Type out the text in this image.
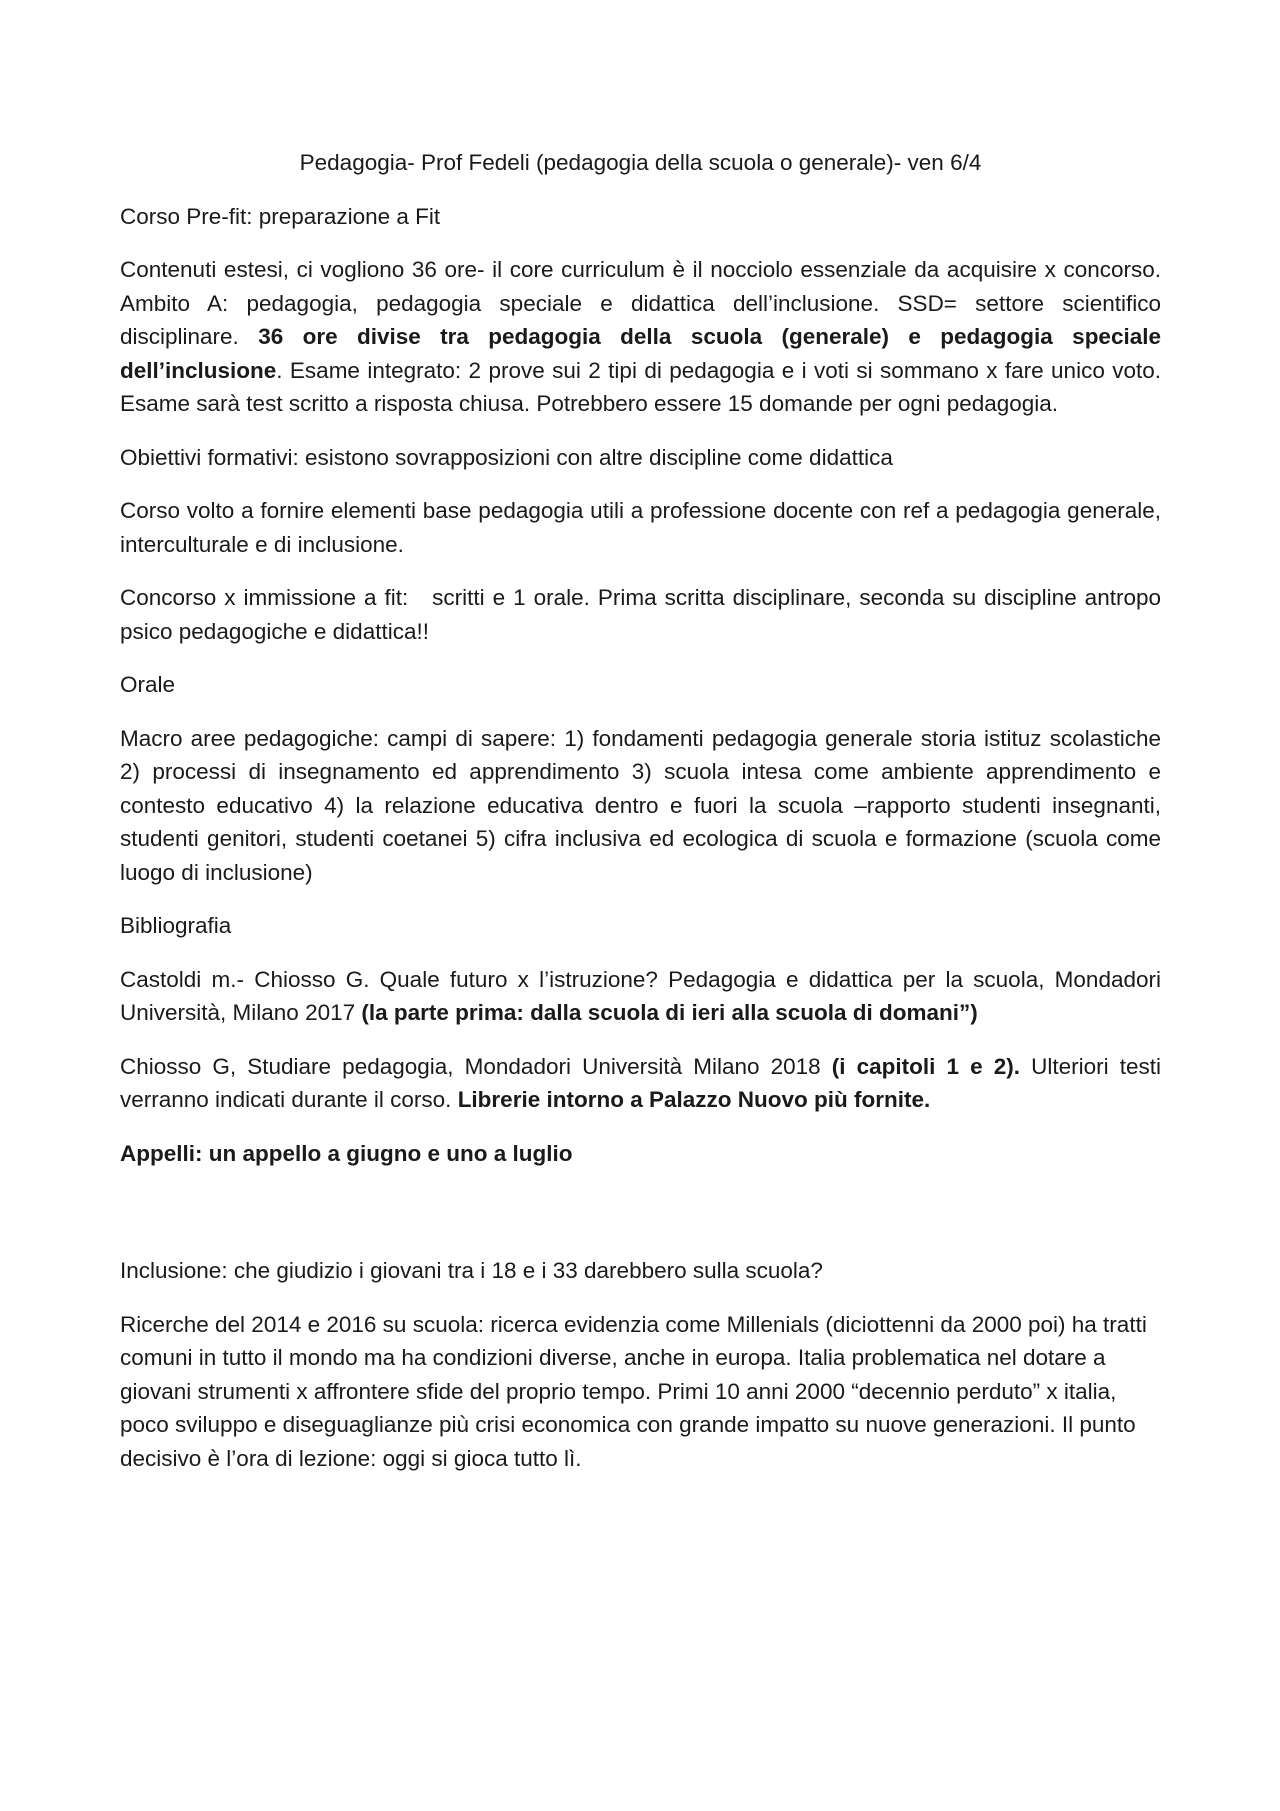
Pedagogia- Prof Fedeli (pedagogia della scuola o generale)- ven 6/4

Corso Pre-fit: preparazione a Fit

Contenuti estesi, ci vogliono 36 ore- il core curriculum è il nocciolo essenziale da acquisire x concorso. Ambito A: pedagogia, pedagogia speciale e didattica dell’inclusione. SSD= settore scientifico disciplinare. 36 ore divise tra pedagogia della scuola (generale) e pedagogia speciale dell’inclusione. Esame integrato: 2 prove sui 2 tipi di pedagogia e i voti si sommano x fare unico voto. Esame sarà test scritto a risposta chiusa. Potrebbero essere 15 domande per ogni pedagogia.

Obiettivi formativi: esistono sovrapposizioni con altre discipline come didattica

Corso volto a fornire elementi base pedagogia utili a professione docente con ref a pedagogia generale, interculturale e di inclusione.

Concorso x immissione a fit:   scritti e 1 orale. Prima scritta disciplinare, seconda su discipline antropo psico pedagogiche e didattica!!

Orale

Macro aree pedagogiche: campi di sapere: 1) fondamenti pedagogia generale storia istituz scolastiche 2) processi di insegnamento ed apprendimento 3) scuola intesa come ambiente apprendimento e contesto educativo 4) la relazione educativa dentro e fuori la scuola –rapporto studenti insegnanti, studenti genitori, studenti coetanei 5) cifra inclusiva ed ecologica di scuola e formazione (scuola come luogo di inclusione)

Bibliografia

Castoldi m.- Chiosso G. Quale futuro x l’istruzione? Pedagogia e didattica per la scuola, Mondadori Università, Milano 2017 (la parte prima: dalla scuola di ieri alla scuola di domani”)

Chiosso G, Studiare pedagogia, Mondadori Università Milano 2018 (i capitoli 1 e 2). Ulteriori testi verranno indicati durante il corso. Librerie intorno a Palazzo Nuovo più fornite.

Appelli: un appello a giugno e uno a luglio

Inclusione: che giudizio i giovani tra i 18 e i 33 darebbero sulla scuola?

Ricerche del 2014 e 2016 su scuola: ricerca evidenzia come Millenials (diciottenni da 2000 poi) ha tratti comuni in tutto il mondo ma ha condizioni diverse, anche in europa. Italia problematica nel dotare a giovani strumenti x affrontere sfide del proprio tempo. Primi 10 anni 2000 “decennio perduto” x italia, poco sviluppo e diseguaglianze più crisi economica con grande impatto su nuove generazioni. Il punto decisivo è l’ora di lezione: oggi si gioca tutto lì.
